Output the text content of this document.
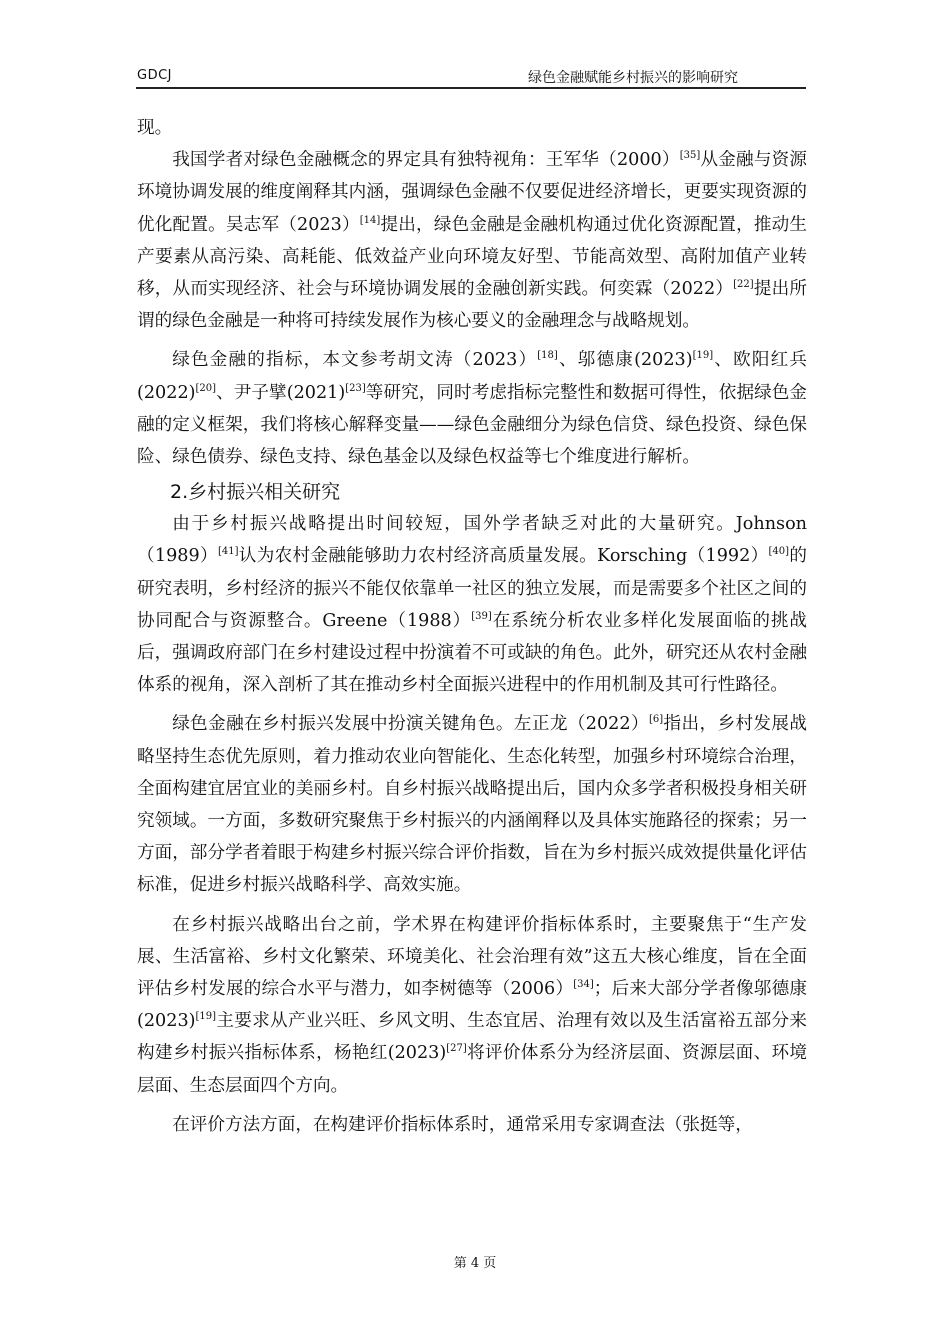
GDCJ	绿色金融赋能乡村振兴的影响研究

现。

我国学者对绿色金融概念的界定具有独特视角：王军华（2000）[35]从金融与资源环境协调发展的维度阐释其内涵，强调绿色金融不仅要促进经济增长，更要实现资源的优化配置。吴志军（2023）[14]提出，绿色金融是金融机构通过优化资源配置，推动生产要素从高污染、高耗能、低效益产业向环境友好型、节能高效型、高附加值产业转移，从而实现经济、社会与环境协调发展的金融创新实践。何奕霖（2022）[22]提出所谓的绿色金融是一种将可持续发展作为核心要义的金融理念与战略规划。

绿色金融的指标，本文参考胡文涛（2023）[18]、邬德康(2023)[19]、欧阳红兵(2022)[20]、尹子擘(2021)[23]等研究，同时考虑指标完整性和数据可得性，依据绿色金融的定义框架，我们将核心解释变量——绿色金融细分为绿色信贷、绿色投资、绿色保险、绿色债券、绿色支持、绿色基金以及绿色权益等七个维度进行解析。

2.乡村振兴相关研究

由于乡村振兴战略提出时间较短，国外学者缺乏对此的大量研究。Johnson（1989）[41]认为农村金融能够助力农村经济高质量发展。Korsching（1992）[40]的研究表明，乡村经济的振兴不能仅依靠单一社区的独立发展，而是需要多个社区之间的协同配合与资源整合。Greene（1988）[39]在系统分析农业多样化发展面临的挑战后，强调政府部门在乡村建设过程中扮演着不可或缺的角色。此外，研究还从农村金融体系的视角，深入剖析了其在推动乡村全面振兴进程中的作用机制及其可行性路径。

绿色金融在乡村振兴发展中扮演关键角色。左正龙（2022）[6]指出，乡村发展战略坚持生态优先原则，着力推动农业向智能化、生态化转型，加强乡村环境综合治理，全面构建宜居宜业的美丽乡村。自乡村振兴战略提出后，国内众多学者积极投身相关研究领域。一方面，多数研究聚焦于乡村振兴的内涵阐释以及具体实施路径的探索；另一方面，部分学者着眼于构建乡村振兴综合评价指数，旨在为乡村振兴成效提供量化评估标准，促进乡村振兴战略科学、高效实施。

在乡村振兴战略出台之前，学术界在构建评价指标体系时，主要聚焦于“生产发展、生活富裕、乡村文化繁荣、环境美化、社会治理有效”这五大核心维度，旨在全面评估乡村发展的综合水平与潜力，如李树德等（2006）[34]；后来大部分学者像邬德康(2023)[19]主要求从产业兴旺、乡风文明、生态宜居、治理有效以及生活富裕五部分来构建乡村振兴指标体系，杨艳红(2023)[27]将评价体系分为经济层面、资源层面、环境层面、生态层面四个方向。

在评价方法方面，在构建评价指标体系时，通常采用专家调查法（张挺等，

第 4 页
